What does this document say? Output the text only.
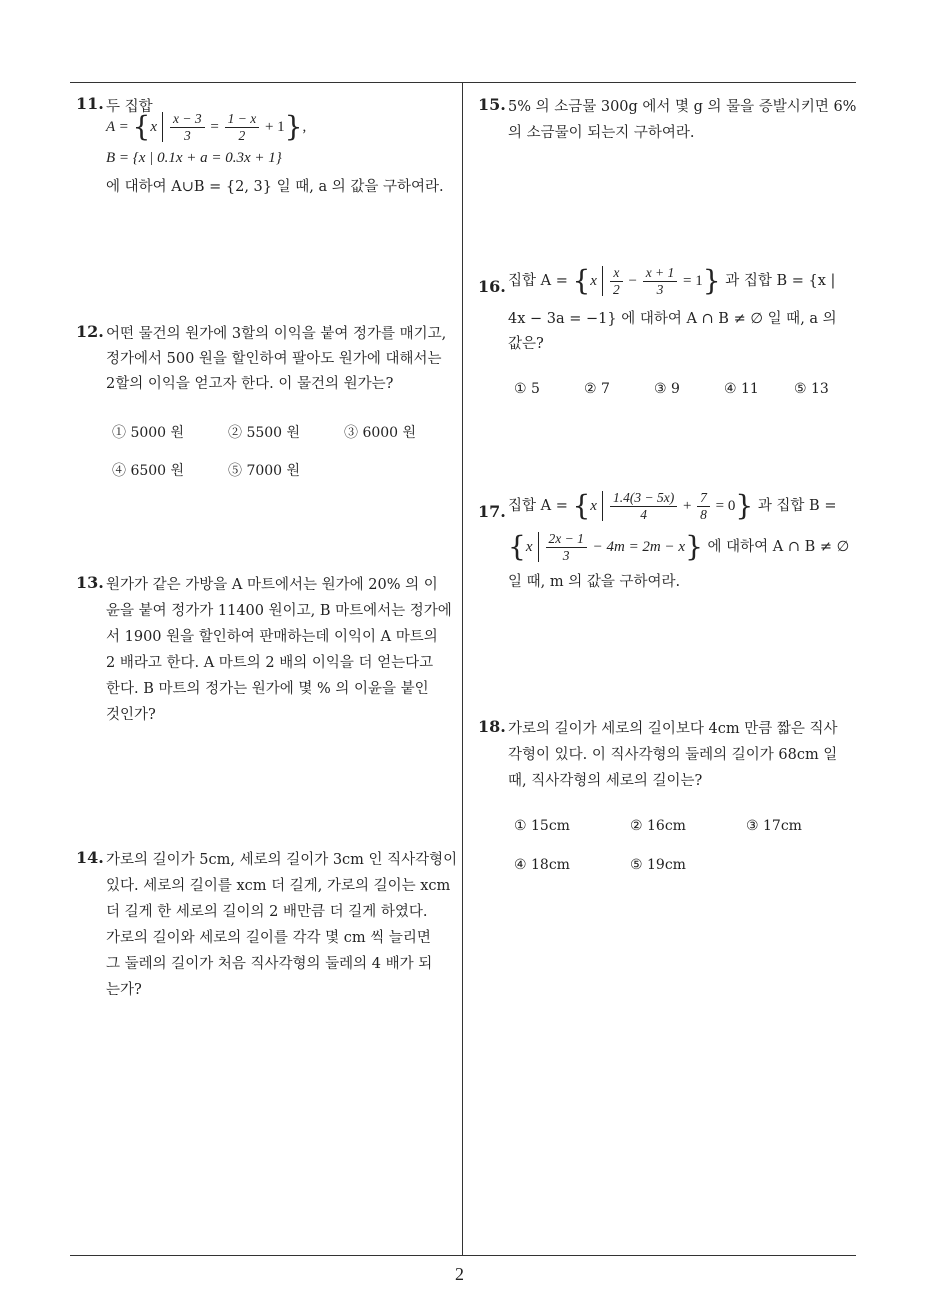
11. 두 집합
$A = \{x \frac{x - 3}{3} = \frac{1 - x}{2} + 1\}$,
B = {x | 0.1x + a = 0.3x + 1}
에 대하여 A∪B = {2, 3} 일 때, a 의 값을 구하여라.
12. 어떤 물건의 원가에 3할의 이익을 붙여 정가를 매기고,
정가에서 500 원을 할인하여 팔아도 원가에 대해서는
2할의 이익을 얻고자 한다. 이 물건의 원가는?
① 5000 원	② 5500 원	③ 6000 원
④ 6500 원	⑤ 7000 원
13. 원가가 같은 가방을 A 마트에서는 원가에 20% 의 이
윤을 붙여 정가가 11400 원이고, B 마트에서는 정가에
서 1900 원을 할인하여 판매하는데 이익이 A 마트의
2 배라고 한다. A 마트의 2 배의 이익을 더 얻는다고
한다. B 마트의 정가는 원가에 몇 % 의 이윤을 붙인
것인가?
14. 가로의 길이가 5cm, 세로의 길이가 3cm 인 직사각형이
있다. 세로의 길이를 xcm 더 길게, 가로의 길이는 xcm
더 길게 한 세로의 길이의 2 배만큼 더 길게 하였다.
가로의 길이와 세로의 길이를 각각 몇 cm 씩 늘리면
그 둘레의 길이가 처음 직사각형의 둘레의 4 배가 되
는가?
15. 5% 의 소금물 300g 에서 몇 g 의 물을 증발시키면 6%
의 소금물이 되는지 구하여라.
16. 집합 $A = \{x \frac{x}{2} - \frac{x + 1}{3} = 1\}$ 과 집합 B = {x |
4x − 3a = −1} 에 대하여 A ∩ B ≠ ∅ 일 때, a 의
값은?
① 5	② 7	③ 9	④ 11	⑤ 13
17. 집합 $A = \{x \frac{1.4(3 - 5x)}{4} + \frac{7}{8} = 0\}$ 과 집합 B =
$\{x \frac{2x - 1}{3} - 4m = 2m - x\}$ 에 대하여 A ∩ B ≠ ∅
일 때, m 의 값을 구하여라.
18. 가로의 길이가 세로의 길이보다 4cm 만큼 짧은 직사
각형이 있다. 이 직사각형의 둘레의 길이가 68cm 일
때, 직사각형의 세로의 길이는?
① 15cm	② 16cm	③ 17cm
④ 18cm	⑤ 19cm
2
